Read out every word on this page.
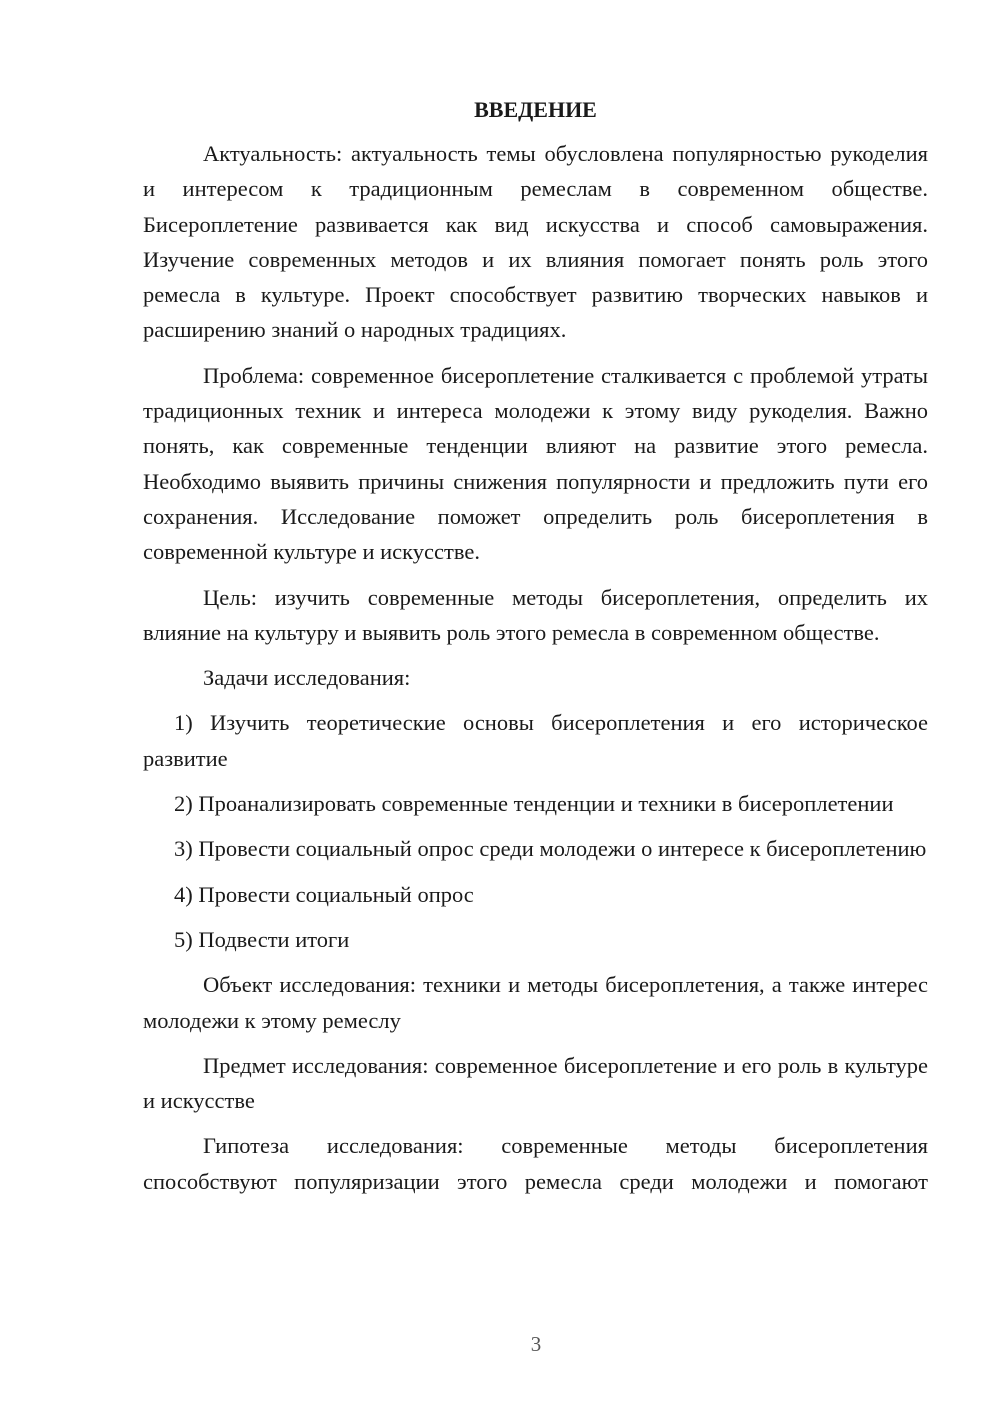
ВВЕДЕНИЕ

Актуальность: актуальность темы обусловлена популярностью рукоделия и интересом к традиционным ремеслам в современном обществе. Бисероплетение развивается как вид искусства и способ самовыражения. Изучение современных методов и их влияния помогает понять роль этого ремесла в культуре. Проект способствует развитию творческих навыков и расширению знаний о народных традициях.

Проблема: современное бисероплетение сталкивается с проблемой утраты традиционных техник и интереса молодежи к этому виду рукоделия. Важно понять, как современные тенденции влияют на развитие этого ремесла. Необходимо выявить причины снижения популярности и предложить пути его сохранения. Исследование поможет определить роль бисероплетения в современной культуре и искусстве.

Цель: изучить современные методы бисероплетения, определить их влияние на культуру и выявить роль этого ремесла в современном обществе.

Задачи исследования:

1) Изучить теоретические основы бисероплетения и его историческое развитие

2) Проанализировать современные тенденции и техники в бисероплетении

3) Провести социальный опрос среди молодежи о интересе к бисероплетению

4) Провести социальный опрос

5) Подвести итоги

Объект исследования: техники и методы бисероплетения, а также интерес молодежи к этому ремеслу

Предмет исследования: современное бисероплетение и его роль в культуре и искусстве

Гипотеза исследования: современные методы бисероплетения способствуют популяризации этого ремесла среди молодежи и помогают

3
